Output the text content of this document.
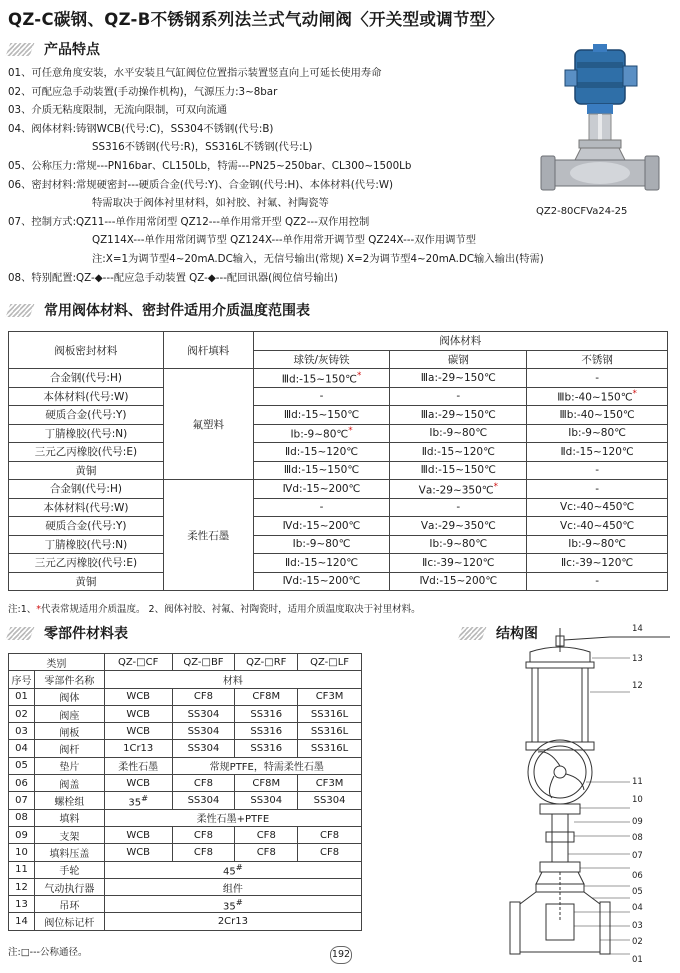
QZ-C碳钢、QZ-B不锈钢系列法兰式气动闸阀〈开关型或调节型〉
产品特点
01、可任意角度安装，水平安装且气缸阀位位置指示装置竖直向上可延长使用寿命
02、可配应急手动装置(手动操作机构)，气源压力:3~8bar
03、介质无粘度限制，无流向限制，可双向流通
04、阀体材料:铸钢WCB(代号:C)，SS304不锈钢(代号:B)
SS316不锈钢(代号:R)，SS316L不锈钢(代号:L)
05、公称压力:常规---PN16bar、CL150Lb，特需---PN25~250bar、CL300~1500Lb
06、密封材料:常规硬密封---硬质合金(代号:Y)、合金钢(代号:H)、本体材料(代号:W)
特需取决于阀体衬里材料，如衬胶、衬氟、衬陶瓷等
07、控制方式:QZ11---单作用常闭型 QZ12---单作用常开型 QZ2---双作用控制
QZ114X---单作用常闭调节型 QZ124X---单作用常开调节型 QZ24X---双作用调节型
注:X=1为调节型4~20mA.DC输入，无信号输出(常规) X=2为调节型4~20mA.DC输入输出(特需)
08、特别配置:QZ-◆---配应急手动装置 QZ-◆---配回讯器(阀位信号输出)
QZ2-80CFVa24-25
常用阀体材料、密封件适用介质温度范围表
阀板密封材料	阀杆填料	阀体材料		
		球铁/灰铸铁	碳钢	不锈钢
合金钢(代号:H)	氟塑料	Ⅲd:-15~150℃*	Ⅲa:-29~150℃	-
本体材料(代号:W)		-	-	Ⅲb:-40~150℃*
硬质合金(代号:Y)		Ⅲd:-15~150℃	Ⅲa:-29~150℃	Ⅲb:-40~150℃
丁腈橡胶(代号:N)		Ⅰb:-9~80℃*	Ⅰb:-9~80℃	Ⅰb:-9~80℃
三元乙丙橡胶(代号:E)		Ⅱd:-15~120℃	Ⅱd:-15~120℃	Ⅱd:-15~120℃
黄铜		Ⅲd:-15~150℃	Ⅲd:-15~150℃	-
合金钢(代号:H)	柔性石墨	Ⅳd:-15~200℃	Ⅴa:-29~350℃*	-
本体材料(代号:W)		-	-	Ⅴc:-40~450℃
硬质合金(代号:Y)		Ⅳd:-15~200℃	Ⅴa:-29~350℃	Ⅴc:-40~450℃
丁腈橡胶(代号:N)		Ⅰb:-9~80℃	Ⅰb:-9~80℃	Ⅰb:-9~80℃
三元乙丙橡胶(代号:E)		Ⅱd:-15~120℃	Ⅱc:-39~120℃	Ⅱc:-39~120℃
黄铜		Ⅳd:-15~200℃	Ⅳd:-15~200℃	-
注:1、*代表常规适用介质温度。 2、阀体衬胶、衬氟、衬陶瓷时，适用介质温度取决于衬里材料。
零部件材料表	结构图
类别		QZ-□CF	QZ-□BF	QZ-□RF	QZ-□LF
序号	零部件名称	材料			
01	阀体	WCB	CF8	CF8M	CF3M
02	阀座	WCB	SS304	SS316	SS316L
03	闸板	WCB	SS304	SS316	SS316L
04	阀杆	1Cr13	SS304	SS316	SS316L
05	垫片	柔性石墨	常规PTFE，特需柔性石墨		
06	阀盖	WCB	CF8	CF8M	CF3M
07	螺栓组	35#	SS304	SS304	SS304
08	填料	柔性石墨+PTFE			
09	支架	WCB	CF8	CF8	CF8
10	填料压盖	WCB	CF8	CF8	CF8
11	手轮	45#
12	气动执行器	组件			
13	吊环	35#
14	阀位标记杆	2Cr13			
注:□---公称通径。	192
14
13
12
11
10
09
08
07
06
05
04
03
02
01
